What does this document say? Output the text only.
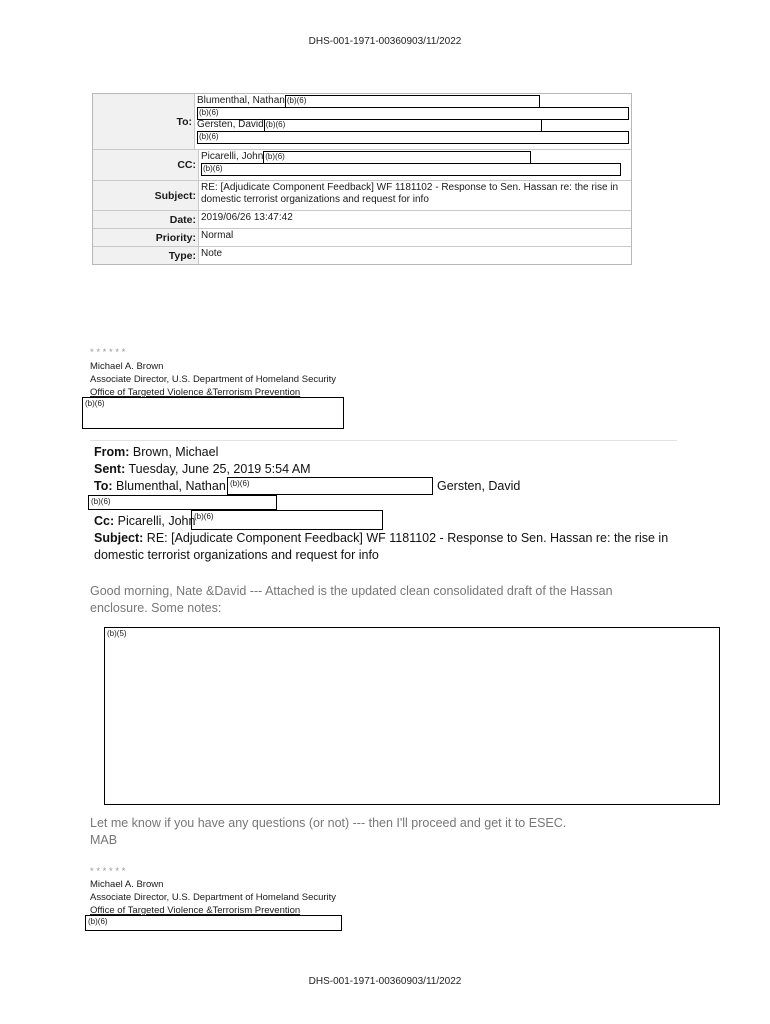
DHS-001-1971-00360903/11/2022
To:
Blumenthal, Nathan (b)(6)
(b)(6)
Gersten, David (b)(6)
(b)(6)
CC:
Picarelli, John (b)(6)
(b)(6)
Subject:
RE: [Adjudicate Component Feedback] WF 1181102 - Response to Sen. Hassan re: the rise in
domestic terrorist organizations and request for info
Date: 2019/06/26 13:47:42
Priority: Normal
Type: Note
* * * * * *
Michael A. Brown
Associate Director, U.S. Department of Homeland Security
Office of Targeted Violence &Terrorism Prevention
(b)(6)
From: Brown, Michael
Sent: Tuesday, June 25, 2019 5:54 AM
To: Blumenthal, Nathan (b)(6)	Gersten, David
(b)(6)
Cc: Picarelli, John
(b)(6)
Subject: RE: [Adjudicate Component Feedback] WF 1181102 - Response to Sen. Hassan re: the rise in
domestic terrorist organizations and request for info
Good morning, Nate &David --- Attached is the updated clean consolidated draft of the Hassan
enclosure. Some notes:
(b)(5)
Let me know if you have any questions (or not) --- then I'll proceed and get it to ESEC.
MAB
* * * * * *
Michael A. Brown
Associate Director, U.S. Department of Homeland Security
Office of Targeted Violence &Terrorism Prevention
(b)(6)
DHS-001-1971-00360903/11/2022
